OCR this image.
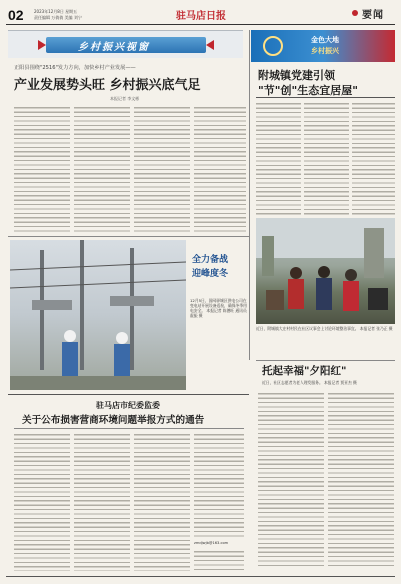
02	2023年12月8日 星期五
责任编辑 万倩倩 美编 刘宁	驻马店日报	要闻
乡村振兴视窗
金色大地
乡村振兴
正阳县围绕"2516"发力方向，加快乡村产业发展——
产业发展势头旺 乡村振兴底气足
本报记者 李文彬
附城镇党建引领
"节"创"生态宜居屋"
近日，附城镇大庄村村民在社区议事会上讨论环境整治事宜。 本报记者 张乃正 摄
全力备战
迎峰度冬
12月5日，国网驿城区供电公司在变电站开展设备巡检，确保冬季用电安全。 本报记者 陈德旺 通讯员 霍振 摄
托起幸福"夕阳红"
近日，社区志愿者为老人理发服务。 本报记者 贾亚杰 摄
驻马店市纪委监委
关于公布损害营商环境问题举报方式的通告
zmdjwjb@163.com
